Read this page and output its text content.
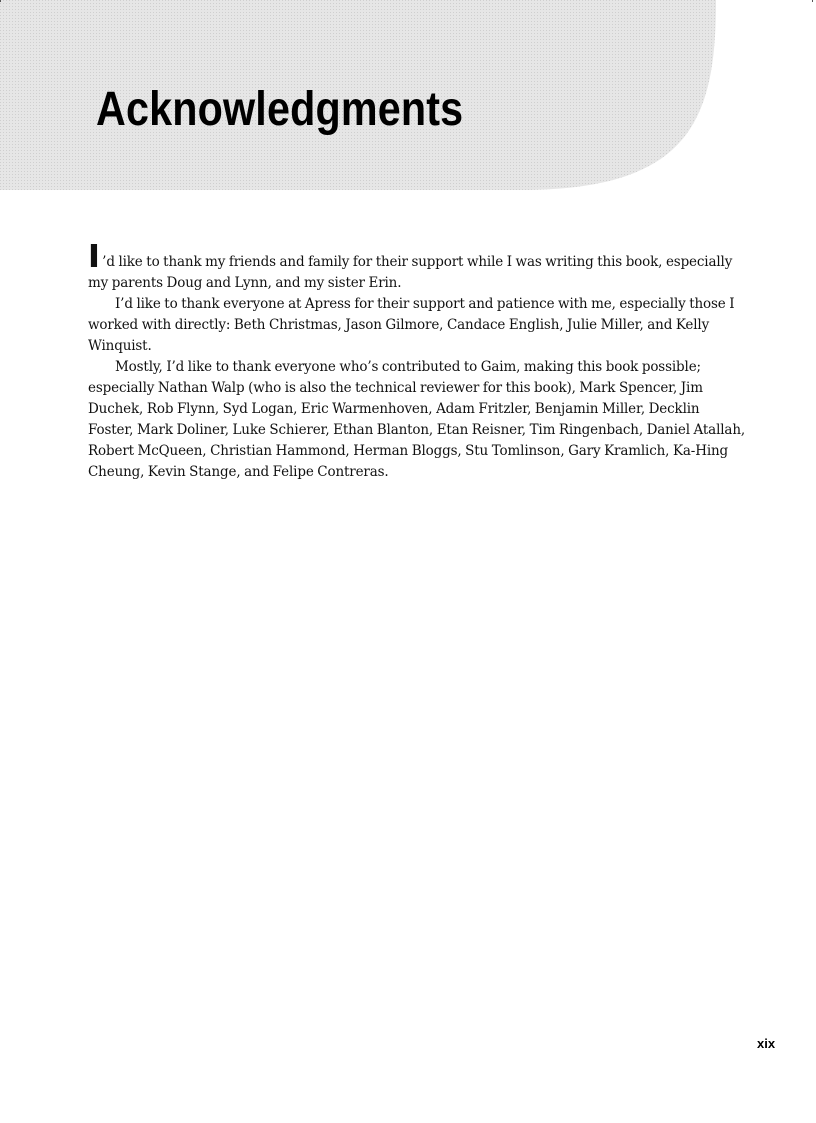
Acknowledgments

I ’d like to thank my friends and family for their support while I was writing this book, especially my parents Doug and Lynn, and my sister Erin.

I’d like to thank everyone at Apress for their support and patience with me, especially those I worked with directly: Beth Christmas, Jason Gilmore, Candace English, Julie Miller, and Kelly Winquist.

Mostly, I’d like to thank everyone who’s contributed to Gaim, making this book possible; especially Nathan Walp (who is also the technical reviewer for this book), Mark Spencer, Jim Duchek, Rob Flynn, Syd Logan, Eric Warmenhoven, Adam Fritzler, Benjamin Miller, Decklin Foster, Mark Doliner, Luke Schierer, Ethan Blanton, Etan Reisner, Tim Ringenbach, Daniel Atallah, Robert McQueen, Christian Hammond, Herman Bloggs, Stu Tomlinson, Gary Kramlich, Ka-Hing Cheung, Kevin Stange, and Felipe Contreras.

xix
